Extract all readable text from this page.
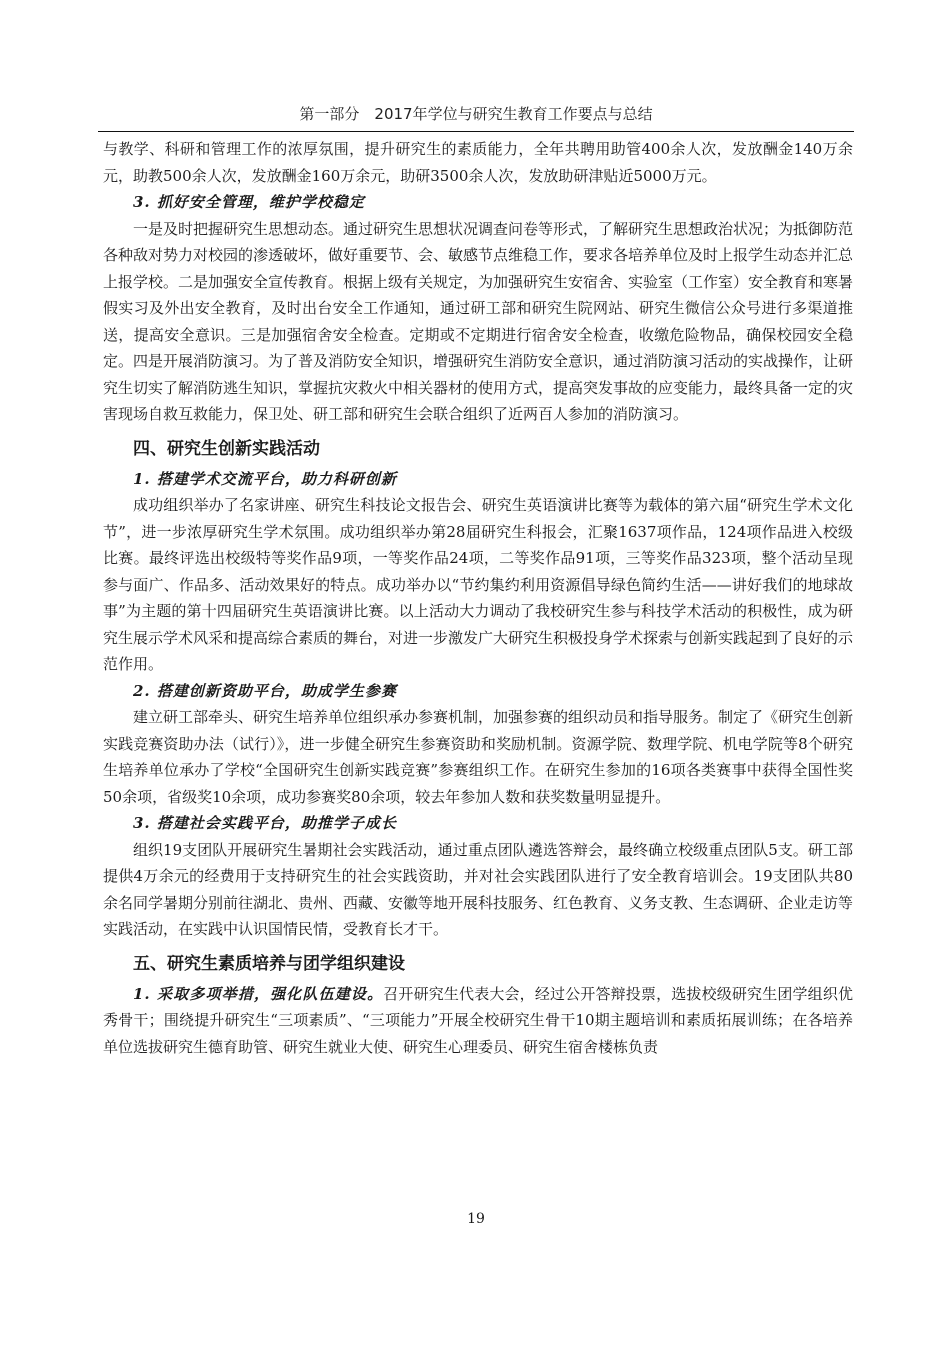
第一部分　2017年学位与研究生教育工作要点与总结

与教学、科研和管理工作的浓厚氛围，提升研究生的素质能力，全年共聘用助管400余人次，发放酬金140万余元，助教500余人次，发放酬金160万余元，助研3500余人次，发放助研津贴近5000万元。

3. 抓好安全管理，维护学校稳定

一是及时把握研究生思想动态。通过研究生思想状况调查问卷等形式，了解研究生思想政治状况；为抵御防范各种敌对势力对校园的渗透破坏，做好重要节、会、敏感节点维稳工作，要求各培养单位及时上报学生动态并汇总上报学校。二是加强安全宣传教育。根据上级有关规定，为加强研究生安宿舍、实验室（工作室）安全教育和寒暑假实习及外出安全教育，及时出台安全工作通知，通过研工部和研究生院网站、研究生微信公众号进行多渠道推送，提高安全意识。三是加强宿舍安全检查。定期或不定期进行宿舍安全检查，收缴危险物品，确保校园安全稳定。四是开展消防演习。为了普及消防安全知识，增强研究生消防安全意识，通过消防演习活动的实战操作，让研究生切实了解消防逃生知识，掌握抗灾救火中相关器材的使用方式，提高突发事故的应变能力，最终具备一定的灾害现场自救互救能力，保卫处、研工部和研究生会联合组织了近两百人参加的消防演习。

四、研究生创新实践活动

1. 搭建学术交流平台，助力科研创新

成功组织举办了名家讲座、研究生科技论文报告会、研究生英语演讲比赛等为载体的第六届“研究生学术文化节”，进一步浓厚研究生学术氛围。成功组织举办第28届研究生科报会，汇聚1637项作品，124项作品进入校级比赛。最终评选出校级特等奖作品9项，一等奖作品24项，二等奖作品91项，三等奖作品323项，整个活动呈现参与面广、作品多、活动效果好的特点。成功举办以“节约集约利用资源倡导绿色简约生活——讲好我们的地球故事”为主题的第十四届研究生英语演讲比赛。以上活动大力调动了我校研究生参与科技学术活动的积极性，成为研究生展示学术风采和提高综合素质的舞台，对进一步激发广大研究生积极投身学术探索与创新实践起到了良好的示范作用。

2. 搭建创新资助平台，助成学生参赛

建立研工部牵头、研究生培养单位组织承办参赛机制，加强参赛的组织动员和指导服务。制定了《研究生创新实践竞赛资助办法（试行）》，进一步健全研究生参赛资助和奖励机制。资源学院、数理学院、机电学院等8个研究生培养单位承办了学校“全国研究生创新实践竞赛”参赛组织工作。在研究生参加的16项各类赛事中获得全国性奖50余项，省级奖10余项，成功参赛奖80余项，较去年参加人数和获奖数量明显提升。

3. 搭建社会实践平台，助推学子成长

组织19支团队开展研究生暑期社会实践活动，通过重点团队遴选答辩会，最终确立校级重点团队5支。研工部提供4万余元的经费用于支持研究生的社会实践资助，并对社会实践团队进行了安全教育培训会。19支团队共80余名同学暑期分别前往湖北、贵州、西藏、安徽等地开展科技服务、红色教育、义务支教、生态调研、企业走访等实践活动，在实践中认识国情民情，受教育长才干。

五、研究生素质培养与团学组织建设

1. 采取多项举措，强化队伍建设。召开研究生代表大会，经过公开答辩投票，选拔校级研究生团学组织优秀骨干；围绕提升研究生“三项素质”、“三项能力”开展全校研究生骨干10期主题培训和素质拓展训练；在各培养单位选拔研究生德育助管、研究生就业大使、研究生心理委员、研究生宿舍楼栋负责

19
